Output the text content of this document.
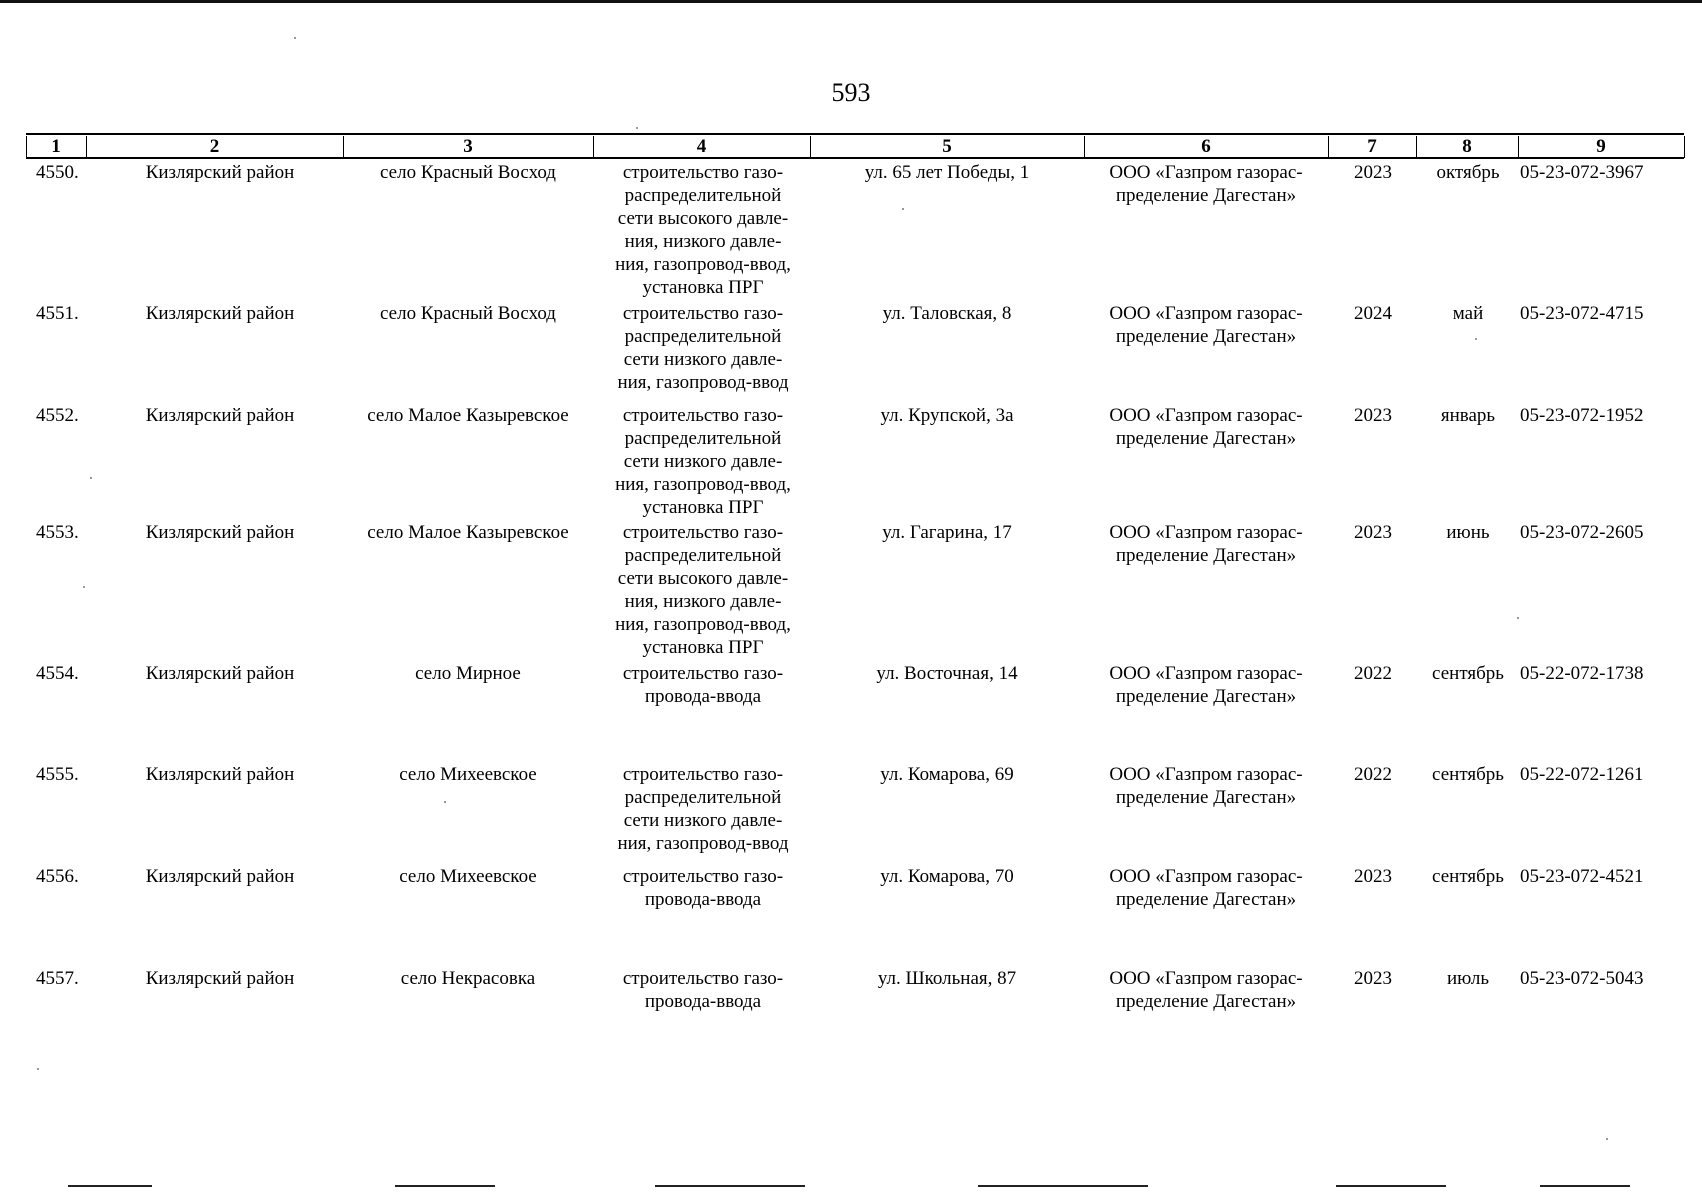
593
1	2	3	4	5	6	7	8	9
4550.	Кизлярский район	село Красный Восход	строительство газо-
распределительной
сети высокого давле-
ния, низкого давле-
ния, газопровод-ввод,
установка ПРГ
ул. 65 лет Победы, 1	ООО «Газпром газорас-
пределение Дагестан»
2023	октябрь	05-23-072-3967
4551.	Кизлярский район	село Красный Восход	строительство газо-
распределительной
сети низкого давле-
ния, газопровод-ввод
ул. Таловская, 8	ООО «Газпром газорас-
пределение Дагестан»
2024	май	05-23-072-4715
4552.	Кизлярский район	село Малое Казыревское	строительство газо-
распределительной
сети низкого давле-
ния, газопровод-ввод,
установка ПРГ
ул. Крупской, 3а	ООО «Газпром газорас-
пределение Дагестан»
2023	январь	05-23-072-1952
4553.	Кизлярский район	село Малое Казыревское	строительство газо-
распределительной
сети высокого давле-
ния, низкого давле-
ния, газопровод-ввод,
установка ПРГ
ул. Гагарина, 17	ООО «Газпром газорас-
пределение Дагестан»
2023	июнь	05-23-072-2605
4554.	Кизлярский район	село Мирное	строительство газо-
провода-ввода
ул. Восточная, 14	ООО «Газпром газорас-
пределение Дагестан»
2022	сентябрь 05-22-072-1738
4555.	Кизлярский район	село Михеевское	строительство газо-
распределительной
сети низкого давле-
ния, газопровод-ввод
ул. Комарова, 69	ООО «Газпром газорас-
пределение Дагестан»
2022	сентябрь 05-22-072-1261
4556.	Кизлярский район	село Михеевское	строительство газо-
провода-ввода
ул. Комарова, 70	ООО «Газпром газорас-
пределение Дагестан»
2023	сентябрь 05-23-072-4521
4557.	Кизлярский район	село Некрасовка	строительство газо-
провода-ввода
ул. Школьная, 87	ООО «Газпром газорас-
пределение Дагестан»
2023	июль	05-23-072-5043
